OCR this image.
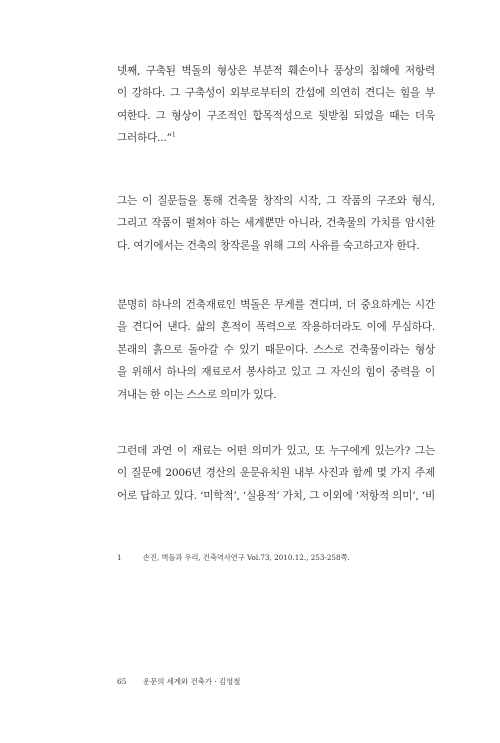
넷째, 구축된 벽돌의 형상은 부분적 훼손이나 풍상의 침해에 저항력
이 강하다. 그 구축성이 외부로부터의 간섭에 의연히 견디는 힘을 부
여한다. 그 형상이 구조적인 합목적성으로 뒷받침 되었을 때는 더욱
그러하다...”$^1$
그는 이 질문들을 통해 건축물 창작의 시작, 그 작품의 구조와 형식,
그리고 작품이 펼쳐야 하는 세계뿐만 아니라, 건축물의 가치를 암시한
다. 여기에서는 건축의 창작론을 위해 그의 사유를 숙고하고자 한다.
분명히 하나의 건축재료인 벽돌은 무게를 견디며, 더 중요하게는 시간
을 견디어 낸다. 삶의 흔적이 폭력으로 작용하더라도 이에 무심하다.
본래의 흙으로 돌아갈 수 있기 때문이다. 스스로 건축물이라는 형상
을 위해서 하나의 재료로서 봉사하고 있고 그 자신의 힘이 중력을 이
겨내는 한 이는 스스로 의미가 있다.
그런데 과연 이 재료는 어떤 의미가 있고, 또 누구에게 있는가? 그는
이 질문에 2006년 경산의 운문유치원 내부 사진과 함께 몇 가지 주제
어로 답하고 있다. ‘미학적’, ‘실용적’ 가치, 그 이외에 ‘저항적 의미’, ‘비
1	손진, 벽돌과 우리, 건축역사연구 Vol.73, 2010.12., 253-258쪽.
65 운문의 세계와 건축가 · 김영철
